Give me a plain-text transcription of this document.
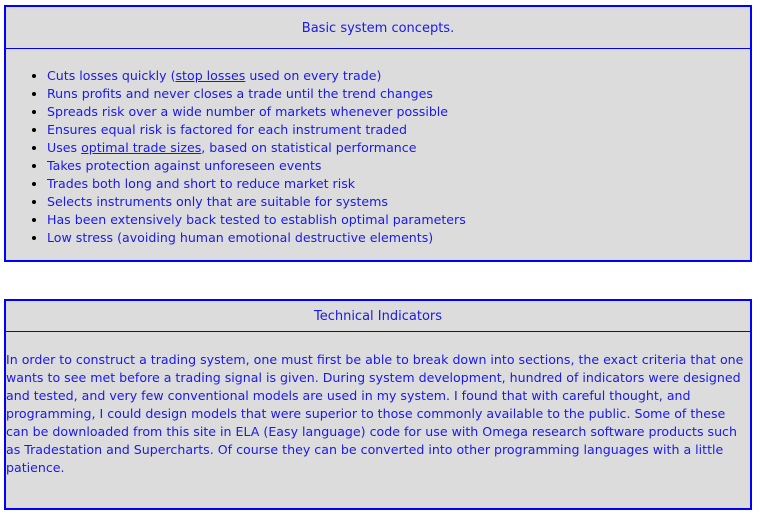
Basic system concepts.
• Cuts losses quickly (stop losses used on every trade)
• Runs profits and never closes a trade until the trend changes
• Spreads risk over a wide number of markets whenever possible
• Ensures equal risk is factored for each instrument traded
• Uses optimal trade sizes, based on statistical performance
• Takes protection against unforeseen events
• Trades both long and short to reduce market risk
• Selects instruments only that are suitable for systems
• Has been extensively back tested to establish optimal parameters
• Low stress (avoiding human emotional destructive elements)
Technical Indicators

In order to construct a trading system, one must first be able to break down into sections, the exact criteria that one wants to see met before a trading signal is given. During system development, hundred of indicators were designed and tested, and very few conventional models are used in my system. I found that with careful thought, and programming, I could design models that were superior to those commonly available to the public. Some of these can be downloaded from this site in ELA (Easy language) code for use with Omega research software products such as Tradestation and Supercharts. Of course they can be converted into other programming languages with a little patience.
